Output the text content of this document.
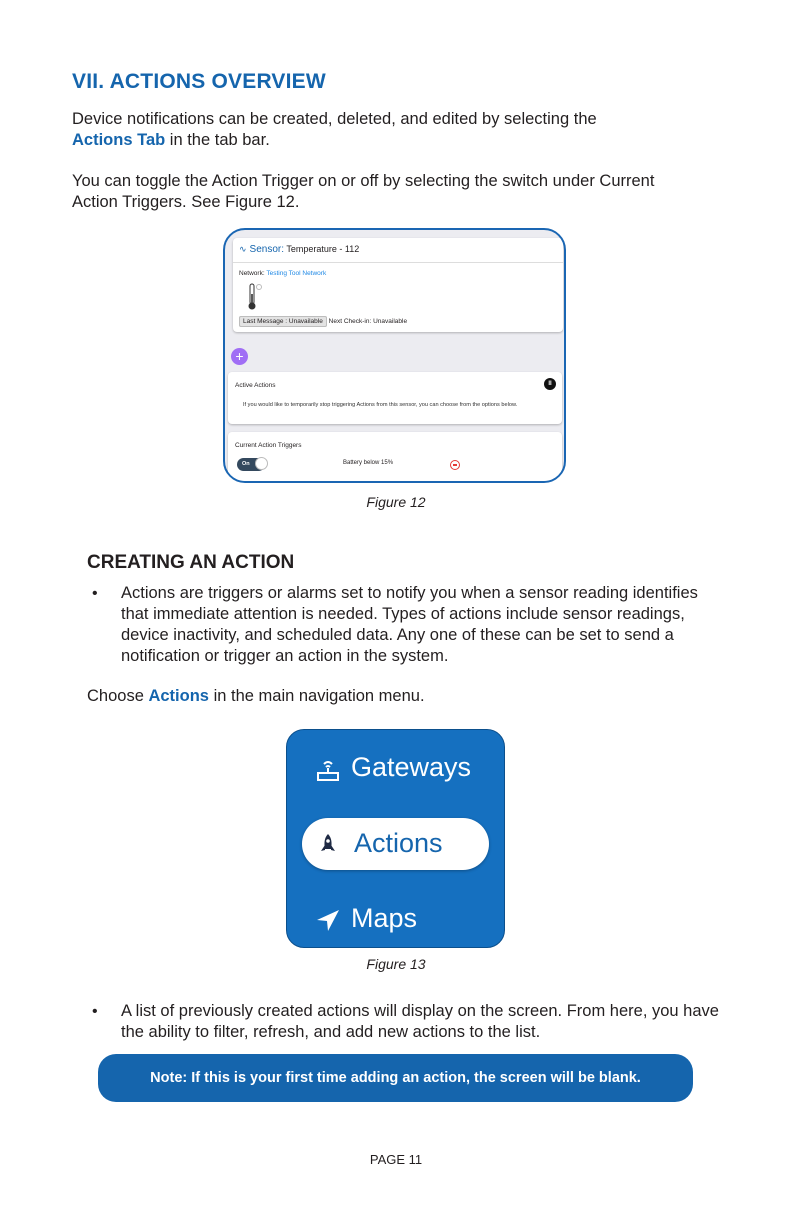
VII. ACTIONS OVERVIEW

Device notifications can be created, deleted, and edited by selecting the
Actions Tab in the tab bar.

You can toggle the Action Trigger on or off by selecting the switch under Current
Action Triggers. See Figure 12.

∿ Sensor: Temperature - 112
Network: Testing Tool Network
Last Message : Unavailable Next Check-in: Unavailable
+
Active Actions	II
If you would like to temporarily stop triggering Actions from this sensor, you can choose from the options below.
Current Action Triggers
On	Battery below 15%

Figure 12

CREATING AN ACTION
• Actions are triggers or alarms set to notify you when a sensor reading identifies that immediate attention is needed. Types of actions include sensor readings, device inactivity, and scheduled data. Any one of these can be set to send a notification or trigger an action in the system.

Choose Actions in the main navigation menu.

Gateways
Actions
Maps

Figure 13

• A list of previously created actions will display on the screen. From here, you have the ability to filter, refresh, and add new actions to the list.

Note: If this is your first time adding an action, the screen will be blank.
PAGE 11
